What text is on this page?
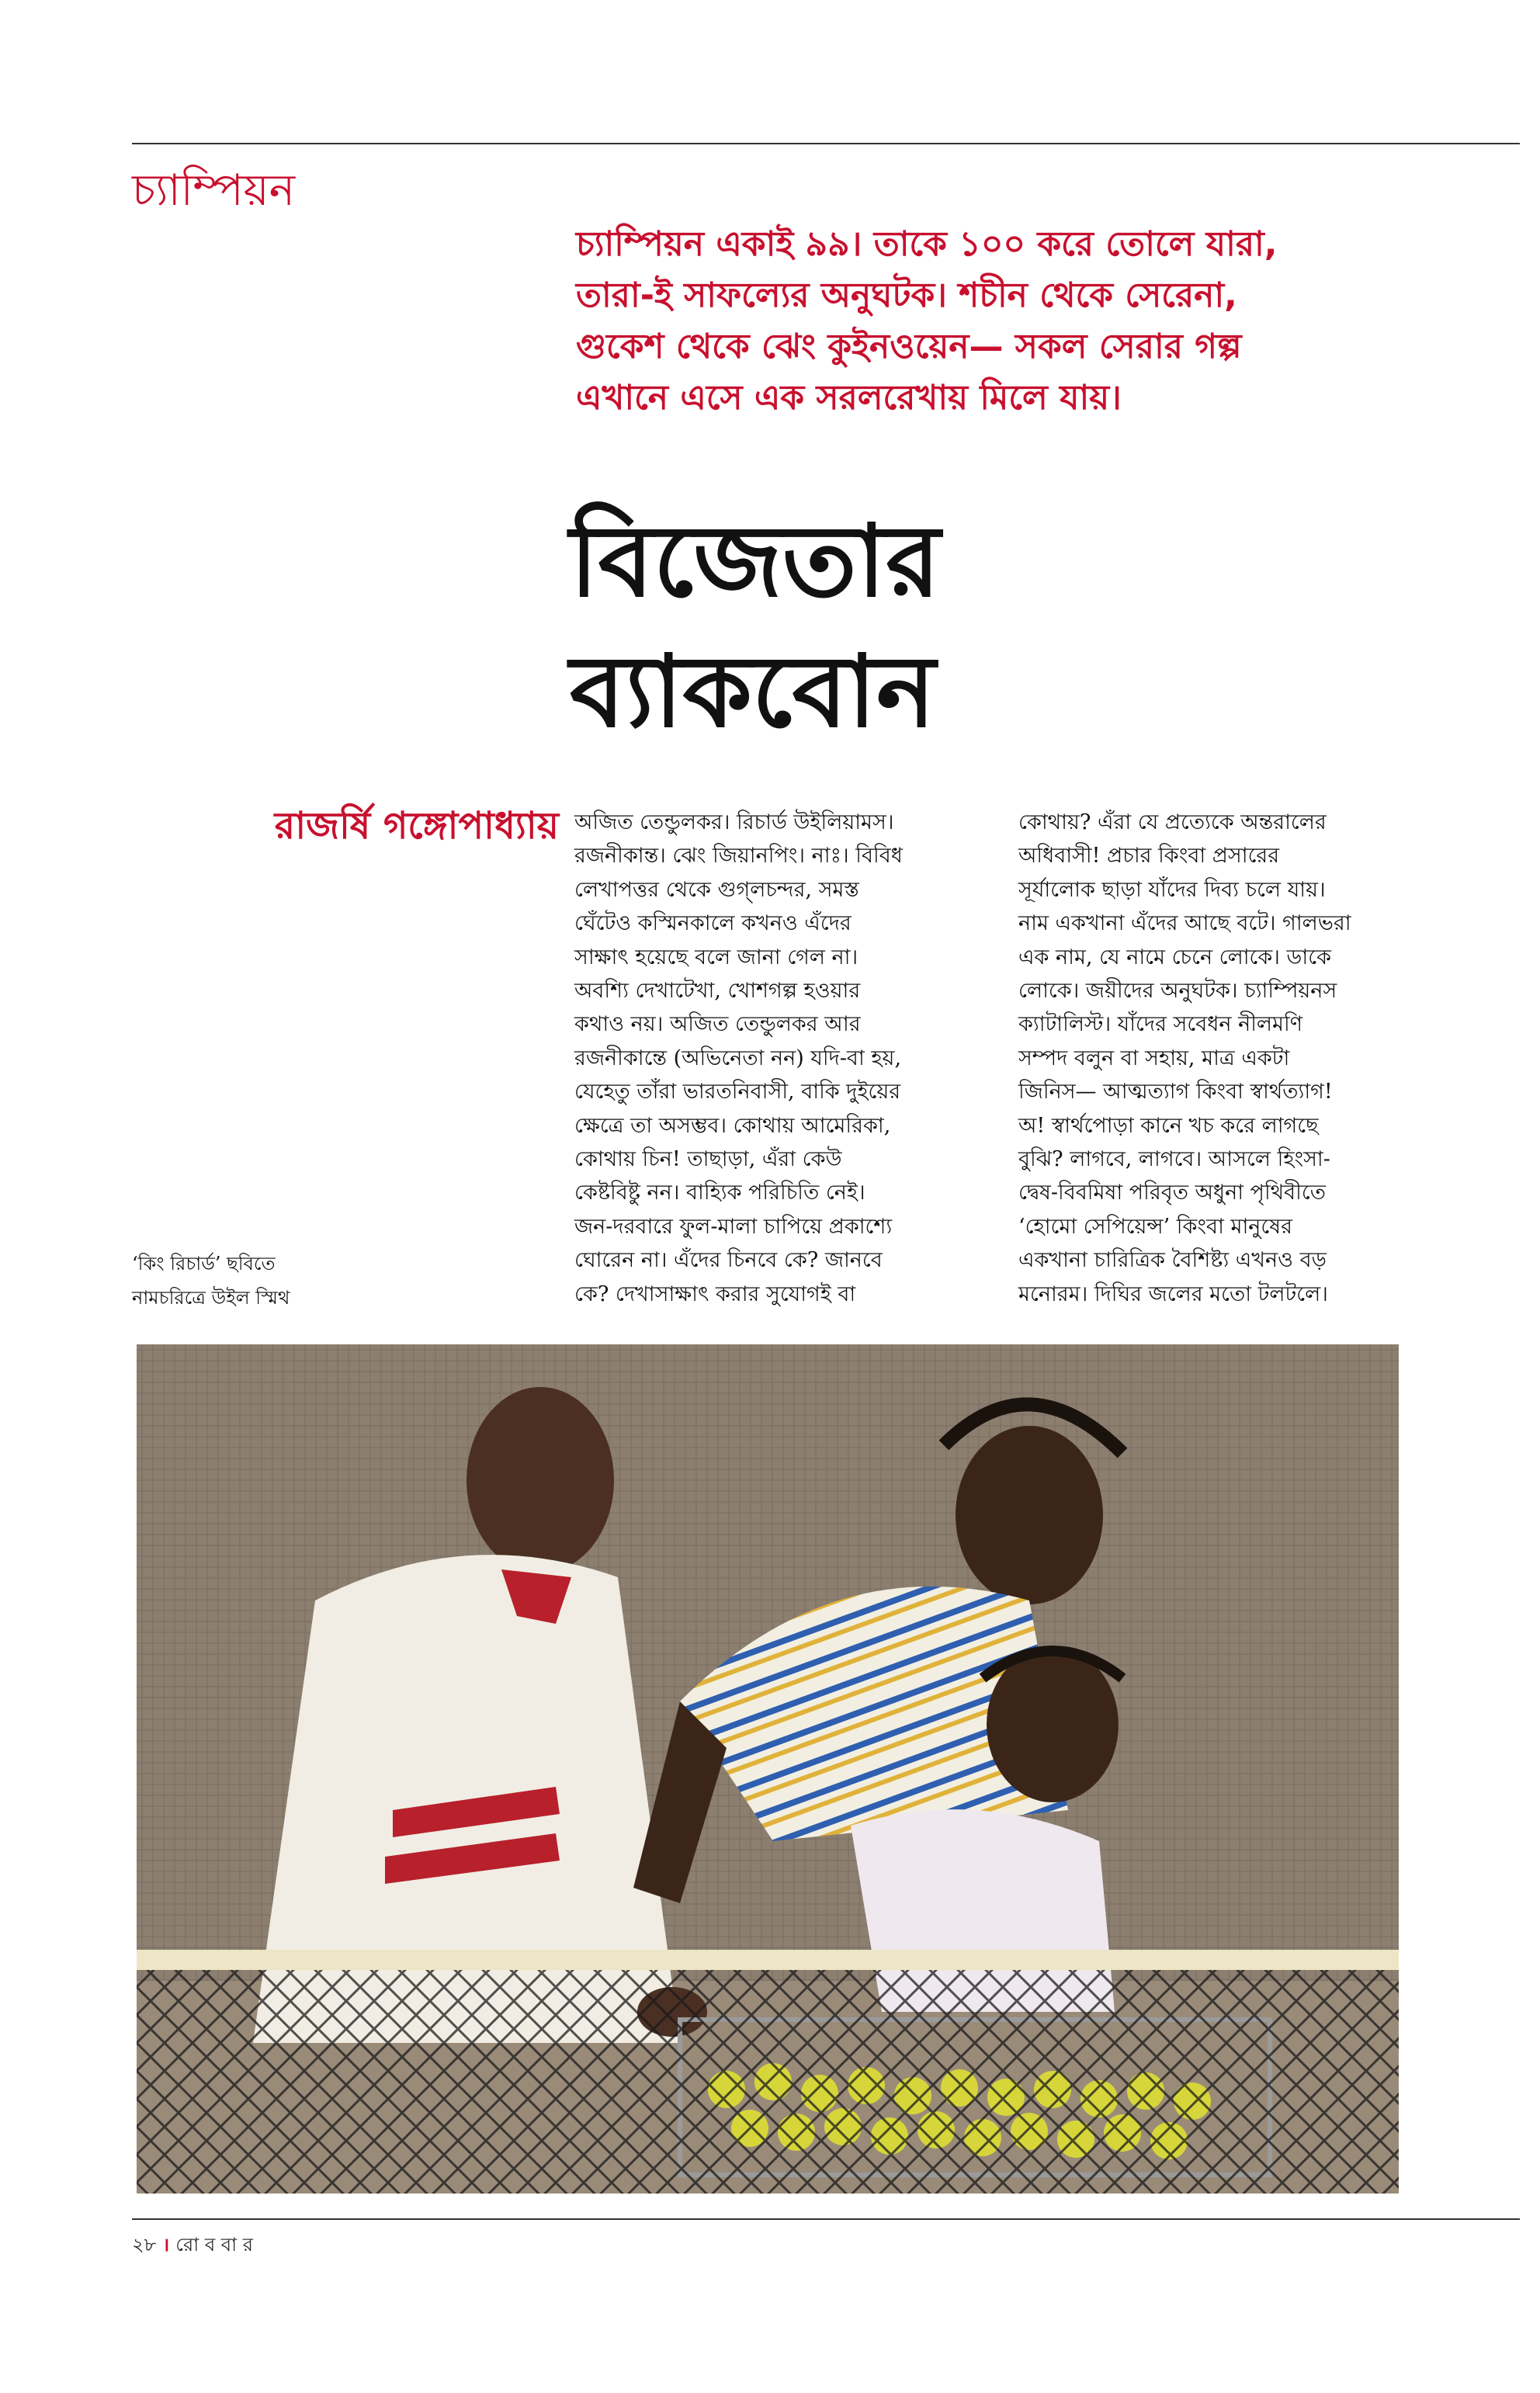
চ্যাম্পিয়ন
চ্যাম্পিয়ন একাই ৯৯। তাকে ১০০ করে তোলে যারা,
তারা-ই সাফল্যের অনুঘটক। শচীন থেকে সেরেনা,
গুকেশ থেকে ঝেং কুইনওয়েন— সকল সেরার গল্প
এখানে এসে এক সরলরেখায় মিলে যায়।
বিজেতার
ব্যাকবোন
রাজর্ষি গঙ্গোপাধ্যায় অজিত তেন্ডুলকর। রিচার্ড উইলিয়ামস।
রজনীকান্ত। ঝেং জিয়ানপিং। নাঃ। বিবিধ
লেখাপত্তর থেকে গুগ্‌লচন্দর, সমস্ত
ঘেঁটেও কস্মিনকালে কখনও এঁদের
সাক্ষাৎ হয়েছে বলে জানা গেল না।
অবশ্যি দেখাটেখা, খোশগল্প হওয়ার
কথাও নয়। অজিত তেন্ডুলকর আর
রজনীকান্তে (অভিনেতা নন) যদি-বা হয়,
যেহেতু তাঁরা ভারতনিবাসী, বাকি দুইয়ের
ক্ষেত্রে তা অসম্ভব। কোথায় আমেরিকা,
কোথায় চিন! তাছাড়া, এঁরা কেউ
কেষ্টবিষ্টু নন। বাহ্যিক পরিচিতি নেই।
জন-দরবারে ফুল-মালা চাপিয়ে প্রকাশ্যে
ঘোরেন না। এঁদের চিনবে কে? জানবে
কে? দেখাসাক্ষাৎ করার সুযোগই বা
কোথায়? এঁরা যে প্রত্যেকে অন্তরালের
অধিবাসী! প্রচার কিংবা প্রসারের
সূর্যালোক ছাড়া যাঁদের দিব্য চলে যায়।
নাম একখানা এঁদের আছে বটে। গালভরা
এক নাম, যে নামে চেনে লোকে। ডাকে
লোকে। জয়ীদের অনুঘটক। চ্যাম্পিয়নস
ক্যাটালিস্ট। যাঁদের সবেধন নীলমণি
সম্পদ বলুন বা সহায়, মাত্র একটা
জিনিস— আত্মত্যাগ কিংবা স্বার্থত্যাগ!
অ! স্বার্থপোড়া কানে খচ করে লাগছে
বুঝি? লাগবে, লাগবে। আসলে হিংসা-
দ্বেষ-বিবমিষা পরিবৃত অধুনা পৃথিবীতে
‘হোমো সেপিয়েন্স’ কিংবা মানুষের
একখানা চারিত্রিক বৈশিষ্ট্য এখনও বড়
মনোরম। দিঘির জলের মতো টলটলে।
‘কিং রিচার্ড’ ছবিতে
নামচরিত্রে উইল স্মিথ
২৮ । রো ব বা র
